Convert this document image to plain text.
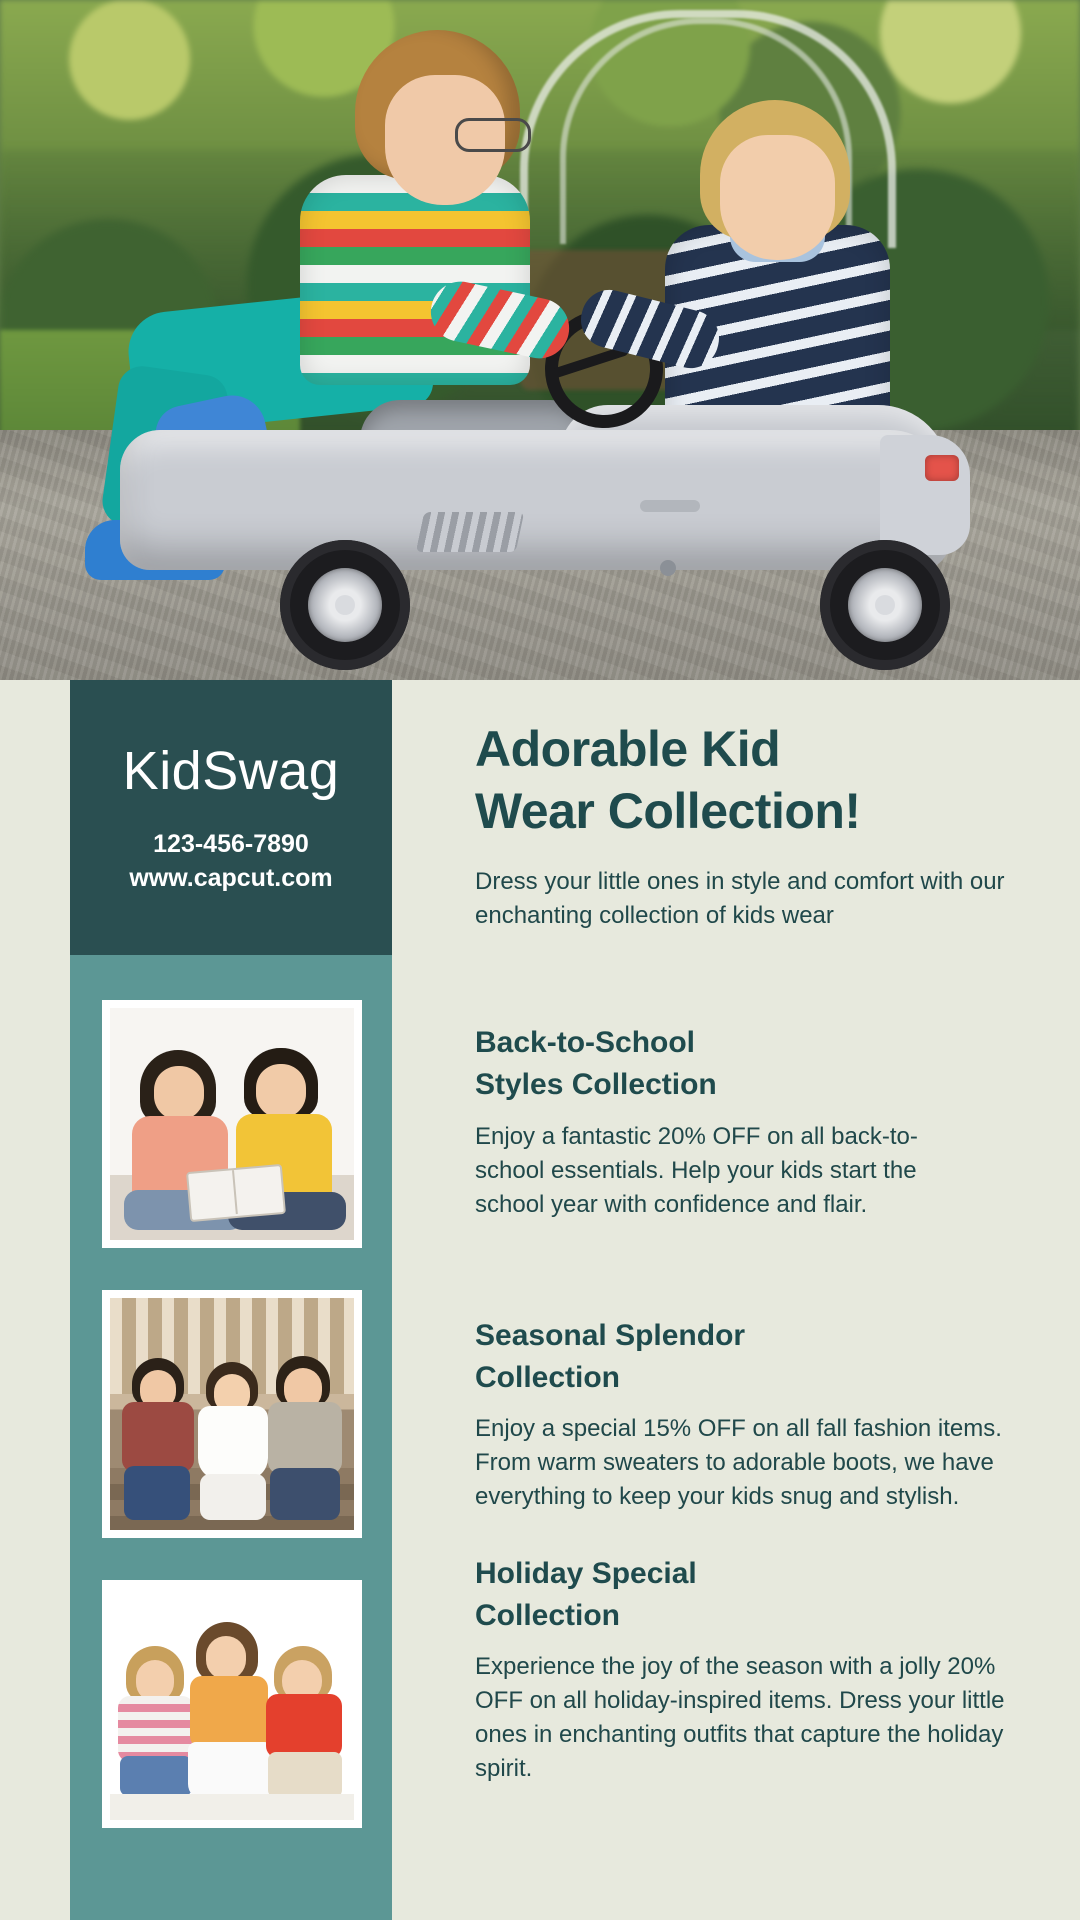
KidSwag
123-456-7890
www.capcut.com
Adorable Kid
Wear Collection!
Dress your little ones in style and comfort with our enchanting collection of kids wear
Back-to-School
Styles Collection
Enjoy a fantastic 20% OFF on all back-to-school essentials. Help your kids start the school year with confidence and flair.
Seasonal Splendor
Collection
Enjoy a special 15% OFF on all fall fashion items. From warm sweaters to adorable boots, we have everything to keep your kids snug and stylish.
Holiday Special
Collection
Experience the joy of the season with a jolly 20% OFF on all holiday-inspired items. Dress your little ones in enchanting outfits that capture the holiday spirit.
